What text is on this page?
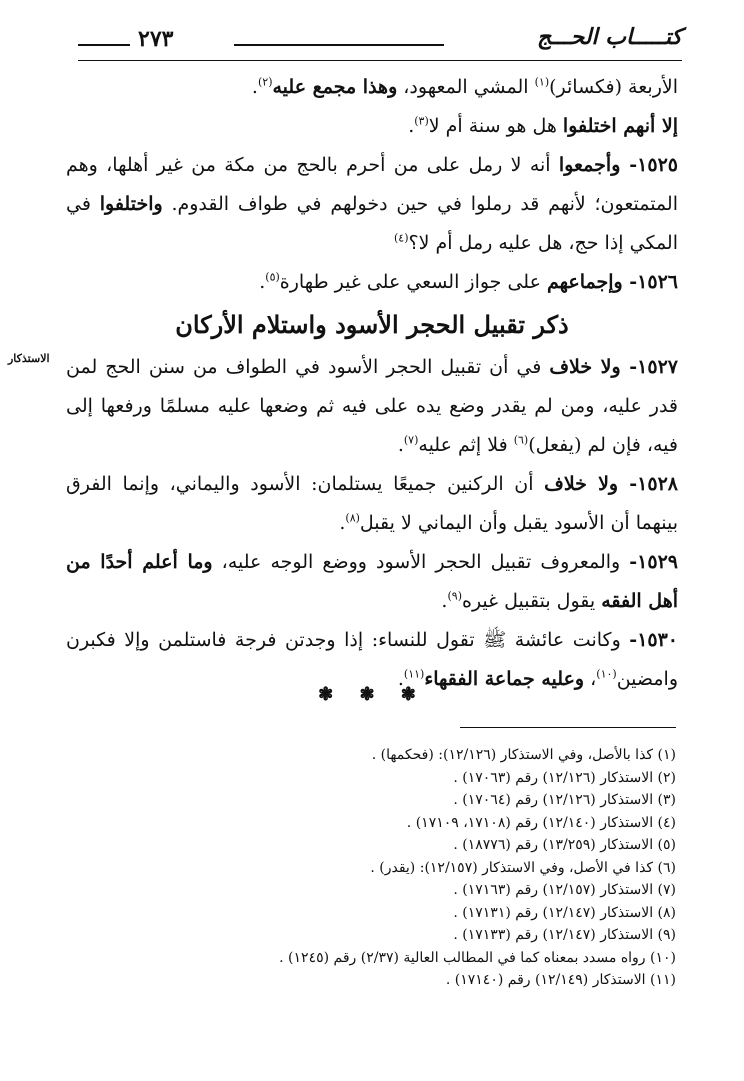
كتـــــاب الحـــج
٢٧٣
الاستذكار

الأربعة (فكسائر)$^{(١)}$ المشي المعهود، وهذا مجمع عليه$^{(٢)}$.
إلا أنهم اختلفوا هل هو سنة أم لا$^{(٣)}$.

١٥٢٥- وأجمعوا أنه لا رمل على من أحرم بالحج من مكة من غير أهلها، وهم المتمتعون؛ لأنهم قد رملوا في حين دخولهم في طواف القدوم. واختلفوا في المكي إذا حج، هل عليه رمل أم لا؟$^{(٤)}$

١٥٢٦- وإجماعهم على جواز السعي على غير طهارة$^{(٥)}$.

ذكر تقبيل الحجر الأسود واستلام الأركان

١٥٢٧- ولا خلاف في أن تقبيل الحجر الأسود في الطواف من سنن الحج لمن قدر عليه، ومن لم يقدر وضع يده على فيه ثم وضعها عليه مسلمًا ورفعها إلى فيه، فإن لم (يفعل)$^{(٦)}$ فلا إثم عليه$^{(٧)}$.

١٥٢٨- ولا خلاف أن الركنين جميعًا يستلمان: الأسود واليماني، وإنما الفرق بينهما أن الأسود يقبل وأن اليماني لا يقبل$^{(٨)}$.

١٥٢٩- والمعروف تقبيل الحجر الأسود ووضع الوجه عليه، وما أعلم أحدًا من أهل الفقه يقول بتقبيل غيره$^{(٩)}$.

١٥٣٠- وكانت عائشة ﷺ تقول للنساء: إذا وجدتن فرجة فاستلمن وإلا فكبرن وامضين$^{(١٠)}$، وعليه جماعة الفقهاء$^{(١١)}$.

❃ ❃ ❃

(١) كذا بالأصل، وفي الاستذكار (١٢/١٢٦): (فحكمها) .

(٢) الاستذكار (١٢/١٢٦) رقم (١٧٠٦٣) .

(٣) الاستذكار (١٢/١٢٦) رقم (١٧٠٦٤) .

(٤) الاستذكار (١٢/١٤٠) رقم (١٧١٠٨، ١٧١٠٩) .

(٥) الاستذكار (١٣/٢٥٩) رقم (١٨٧٧٦) .

(٦) كذا في الأصل، وفي الاستذكار (١٢/١٥٧): (يقدر) .

(٧) الاستذكار (١٢/١٥٧) رقم (١٧١٦٣) .

(٨) الاستذكار (١٢/١٤٧) رقم (١٧١٣١) .

(٩) الاستذكار (١٢/١٤٧) رقم (١٧١٣٣) .

(١٠) رواه مسدد بمعناه كما في المطالب العالية (٢/٣٧) رقم (١٢٤٥) .

(١١) الاستذكار (١٢/١٤٩) رقم (١٧١٤٠) .
